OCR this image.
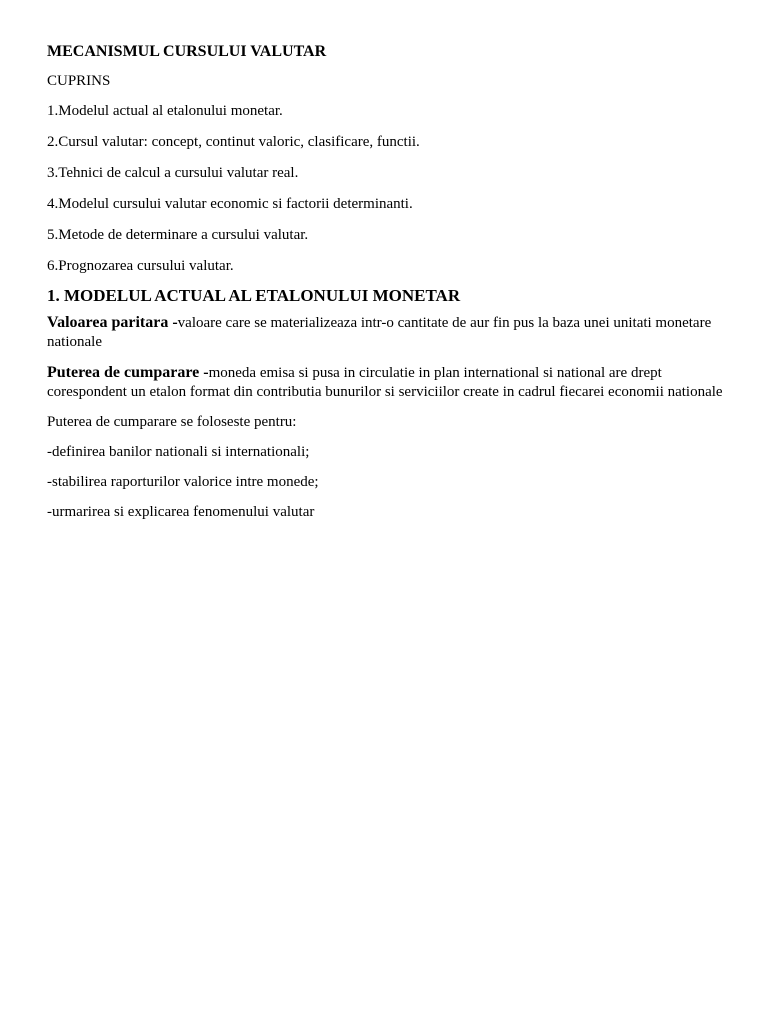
MECANISMUL CURSULUI VALUTAR

CUPRINS

1.Modelul actual al etalonului monetar.

2.Cursul valutar: concept, continut valoric, clasificare, functii.

3.Tehnici de calcul a cursului valutar real.

4.Modelul cursului valutar economic si factorii determinanti.

5.Metode de determinare a cursului valutar.

6.Prognozarea cursului valutar.

1. MODELUL ACTUAL AL ETALONULUI MONETAR

Valoarea paritara -valoare care se materializeaza intr-o cantitate de aur fin pus la baza unei unitati monetare nationale

Puterea de cumparare -moneda emisa si pusa in circulatie in plan international si national are drept corespondent un etalon format din contributia bunurilor si serviciilor create in cadrul fiecarei economii nationale

Puterea de cumparare se foloseste pentru:

-definirea banilor nationali si internationali;

-stabilirea raporturilor valorice intre monede;

-urmarirea si explicarea fenomenului valutar
